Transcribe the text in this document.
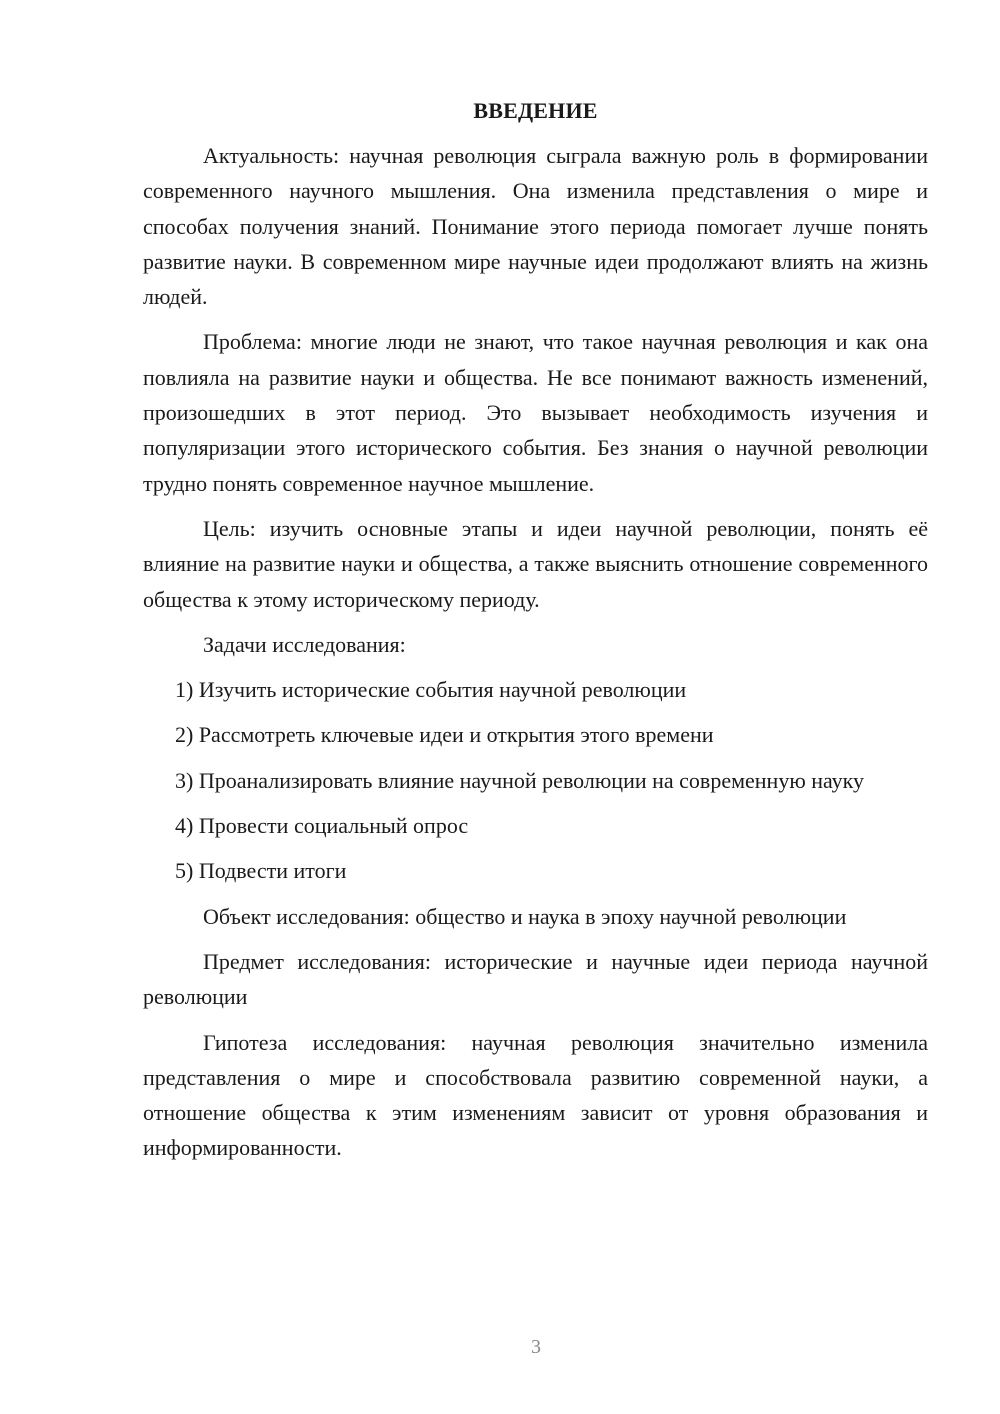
ВВЕДЕНИЕ

Актуальность: научная революция сыграла важную роль в формировании современного научного мышления. Она изменила представления о мире и способах получения знаний. Понимание этого периода помогает лучше понять развитие науки. В современном мире научные идеи продолжают влиять на жизнь людей.

Проблема: многие люди не знают, что такое научная революция и как она повлияла на развитие науки и общества. Не все понимают важность изменений, произошедших в этот период. Это вызывает необходимость изучения и популяризации этого исторического события. Без знания о научной революции трудно понять современное научное мышление.

Цель: изучить основные этапы и идеи научной революции, понять её влияние на развитие науки и общества, а также выяснить отношение современного общества к этому историческому периоду.

Задачи исследования:

1) Изучить исторические события научной революции

2) Рассмотреть ключевые идеи и открытия этого времени

3) Проанализировать влияние научной революции на современную науку

4) Провести социальный опрос

5) Подвести итоги

Объект исследования: общество и наука в эпоху научной революции

Предмет исследования: исторические и научные идеи периода научной революции

Гипотеза исследования: научная революция значительно изменила представления о мире и способствовала развитию современной науки, а отношение общества к этим изменениям зависит от уровня образования и информированности.

3
